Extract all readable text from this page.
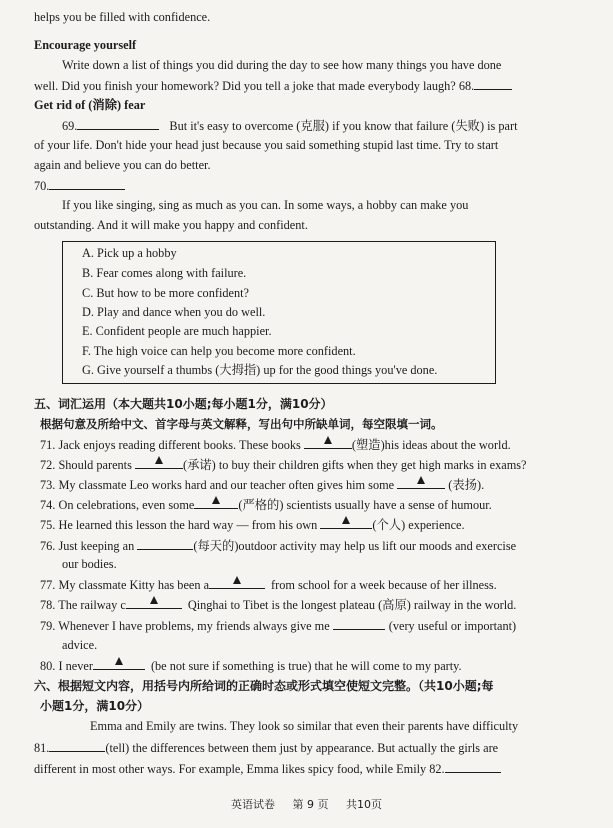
helps you be filled with confidence.
Encourage yourself
Write down a list of things you did during the day to see how many things you have done
well. Did you finish your homework? Did you tell a joke that made everybody laugh? 68.
Get rid of (消除) fear
69.	But it's easy to overcome (克服) if you know that failure (失败) is part
of your life. Don't hide your head just because you said something stupid last time. Try to start
again and believe you can do better.
70.
If you like singing, sing as much as you can. In some ways, a hobby can make you
outstanding. And it will make you happy and confident.
A. Pick up a hobby
B. Fear comes along with failure.
C. But how to be more confident?
D. Play and dance when you do well.
E. Confident people are much happier.
F. The high voice can help you become more confident.
G. Give yourself a thumbs (大拇指) up for the good things you've done.
五、词汇运用（本大题共10小题;每小题1分，满10分）
根据句意及所给中文、首字母与英文解释，写出句中所缺单词，每空限填一词。
71. Jack enjoys reading different books. These books	(塑造)his ideas about the world.
72. Should parents	(承诺) to buy their children gifts when they get high marks in exams?
73. My classmate Leo works hard and our teacher often gives him some	(表扬).
74. On celebrations, even some	(严格的) scientists usually have a sense of humour.
75. He learned this lesson the hard way — from his own	(个人) experience.
76. Just keeping an	(每天的)outdoor activity may help us lift our moods and exercise
our bodies.
77. My classmate Kitty has been a	from school for a week because of her illness.
78. The railway c	Qinghai to Tibet is the longest plateau (高原) railway in the world.
79. Whenever I have problems, my friends always give me	(very useful or important)
advice.
80. I never	(be not sure if something is true) that he will come to my party.
六、根据短文内容，用括号内所给词的正确时态或形式填空使短文完整。（共10小题;每
小题1分，满10分）
Emma and Emily are twins. They look so similar that even their parents have difficulty
81.	(tell) the differences between them just by appearance. But actually the girls are
different in most other ways. For example, Emma likes spicy food, while Emily 82.
英语试卷 第 9 页 共10页
